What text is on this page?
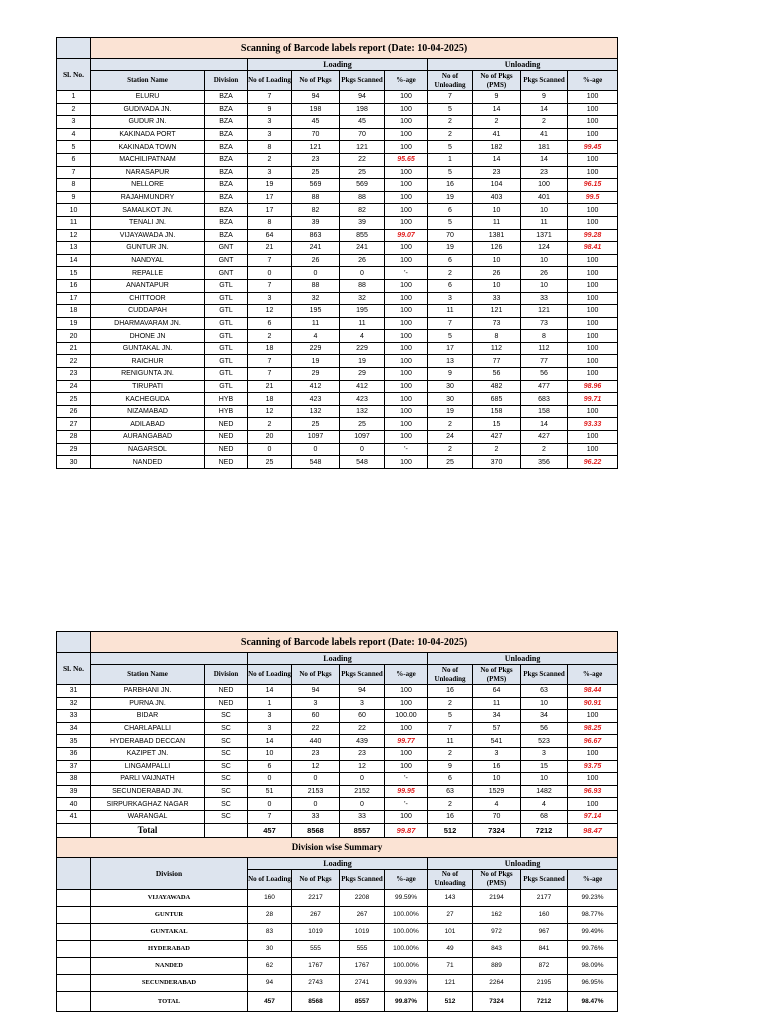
	Scanning of Barcode labels report (Date: 10-04-2025)									
Sl. No.			Loading				Unloading			
	Station Name	Division	No of Loading	No of Pkgs	Pkgs Scanned	%-age	No of Unloading	No of Pkgs (PMS)	Pkgs Scanned	%-age
1	ELURU	BZA	7	94	94	100	7	9	9	100
2	GUDIVADA JN.	BZA	9	198	198	100	5	14	14	100
3	GUDUR JN.	BZA	3	45	45	100	2	2	2	100
4	KAKINADA PORT	BZA	3	70	70	100	2	41	41	100
5	KAKINADA TOWN	BZA	8	121	121	100	5	182	181	99.45
6	MACHILIPATNAM	BZA	2	23	22	95.65	1	14	14	100
7	NARASAPUR	BZA	3	25	25	100	5	23	23	100
8	NELLORE	BZA	19	569	569	100	16	104	100	96.15
9	RAJAHMUNDRY	BZA	17	88	88	100	19	403	401	99.5
10	SAMALKOT JN.	BZA	17	82	82	100	6	10	10	100
11	TENALI JN.	BZA	8	39	39	100	5	11	11	100
12	VIJAYAWADA JN.	BZA	64	863	855	99.07	70	1381	1371	99.28
13	GUNTUR JN.	GNT	21	241	241	100	19	126	124	98.41
14	NANDYAL	GNT	7	26	26	100	6	10	10	100
15	REPALLE	GNT	0	0	0	'-	2	26	26	100
16	ANANTAPUR	GTL	7	88	88	100	6	10	10	100
17	CHITTOOR	GTL	3	32	32	100	3	33	33	100
18	CUDDAPAH	GTL	12	195	195	100	11	121	121	100
19	DHARMAVARAM JN.	GTL	6	11	11	100	7	73	73	100
20	DHONE JN	GTL	2	4	4	100	5	8	8	100
21	GUNTAKAL JN.	GTL	18	229	229	100	17	112	112	100
22	RAICHUR	GTL	7	19	19	100	13	77	77	100
23	RENIGUNTA JN.	GTL	7	29	29	100	9	56	56	100
24	TIRUPATI	GTL	21	412	412	100	30	482	477	98.96
25	KACHEGUDA	HYB	18	423	423	100	30	685	683	99.71
26	NIZAMABAD	HYB	12	132	132	100	19	158	158	100
27	ADILABAD	NED	2	25	25	100	2	15	14	93.33
28	AURANGABAD	NED	20	1097	1097	100	24	427	427	100
29	NAGARSOL	NED	0	0	0	'-	2	2	2	100
30	NANDED	NED	25	548	548	100	25	370	356	96.22
	Scanning of Barcode labels report (Date: 10-04-2025)									
Sl. No.			Loading				Unloading			
	Station Name	Division	No of Loading	No of Pkgs	Pkgs Scanned	%-age	No of Unloading	No of Pkgs (PMS)	Pkgs Scanned	%-age
31	PARBHANI JN.	NED	14	94	94	100	16	64	63	98.44
32	PURNA JN.	NED	1	3	3	100	2	11	10	90.91
33	BIDAR	SC	3	60	60	100.00	5	34	34	100
34	CHARLAPALLI	SC	3	22	22	100	7	57	56	98.25
35	HYDERABAD DECCAN	SC	14	440	439	99.77	11	541	523	96.67
36	KAZIPET JN.	SC	10	23	23	100	2	3	3	100
37	LINGAMPALLI	SC	6	12	12	100	9	16	15	93.75
38	PARLI VAIJNATH	SC	0	0	0	'-	6	10	10	100
39	SECUNDERABAD JN.	SC	51	2153	2152	99.95	63	1529	1482	96.93
40	SIRPURKAGHAZ NAGAR	SC	0	0	0	'-	2	4	4	100
41	WARANGAL	SC	7	33	33	100	16	70	68	97.14
	Total		457	8568	8557	99.87	512	7324	7212	98.47
Division wise Summary										
	Division		Loading				Unloading			
			No of Loading	No of Pkgs	Pkgs Scanned	%-age	No of Unloading	No of Pkgs (PMS)	Pkgs Scanned	%-age
	VIJAYAWADA		160	2217	2208	99.59%	143	2194	2177	99.23%
	GUNTUR		28	267	267	100.00%	27	162	160	98.77%
	GUNTAKAL		83	1019	1019	100.00%	101	972	967	99.49%
	HYDERABAD		30	555	555	100.00%	49	843	841	99.76%
	NANDED		62	1767	1767	100.00%	71	889	872	98.09%
	SECUNDERABAD		94	2743	2741	99.93%	121	2264	2195	96.95%
	TOTAL		457	8568	8557	99.87%	512	7324	7212	98.47%
